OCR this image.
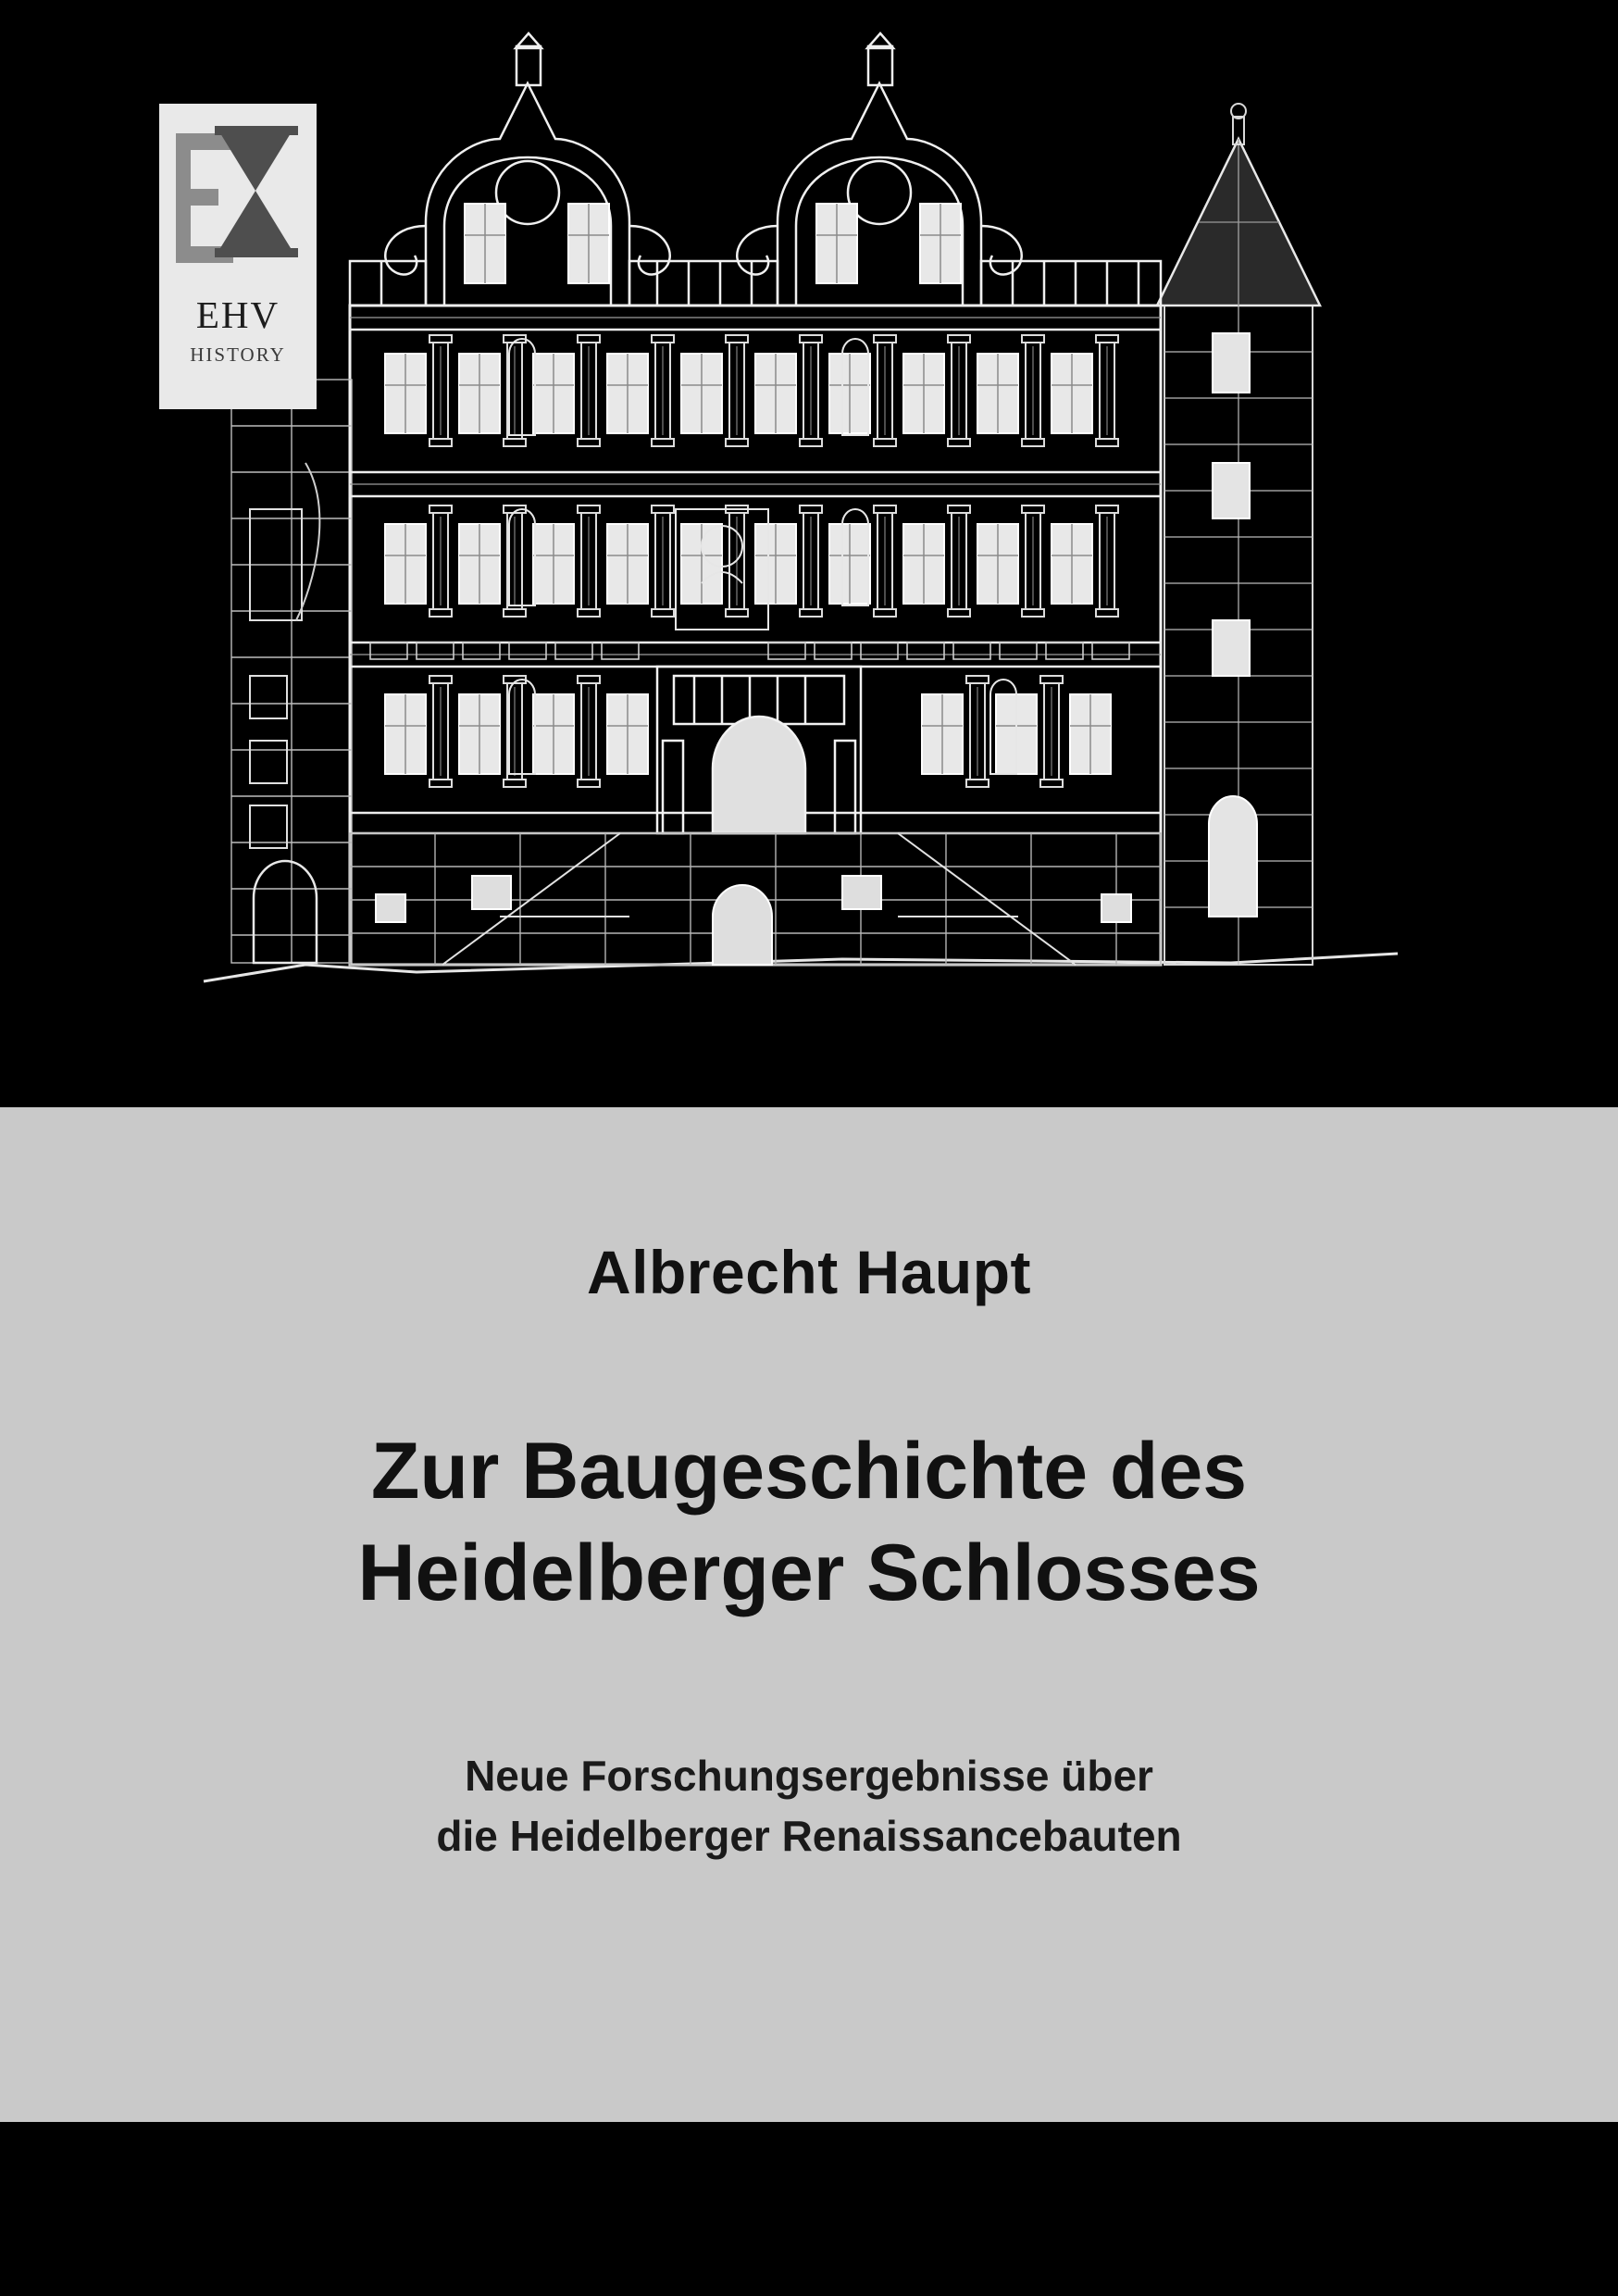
EHV
HISTORY
Albrecht Haupt
Zur Baugeschichte des
Heidelberger Schlosses
Neue Forschungsergebnisse über
die Heidelberger Renaissancebauten
